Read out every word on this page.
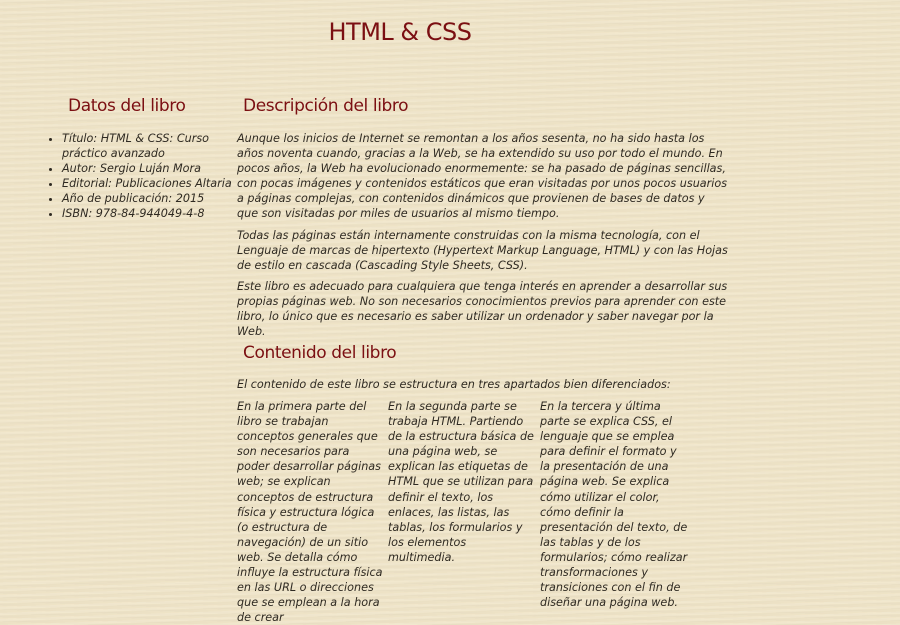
HTML & CSS
Datos del libro
• Título: HTML & CSS: Curso práctico avanzado
• Autor: Sergio Luján Mora
• Editorial: Publicaciones Altaria
• Año de publicación: 2015
• ISBN: 978-84-944049-4-8
Descripción del libro

Aunque los inicios de Internet se remontan a los años sesenta, no ha sido hasta los años noventa cuando, gracias a la Web, se ha extendido su uso por todo el mundo. En pocos años, la Web ha evolucionado enormemente: se ha pasado de páginas sencillas, con pocas imágenes y contenidos estáticos que eran visitadas por unos pocos usuarios a páginas complejas, con contenidos dinámicos que provienen de bases de datos y que son visitadas por miles de usuarios al mismo tiempo.

Todas las páginas están internamente construidas con la misma tecnología, con el Lenguaje de marcas de hipertexto (Hypertext Markup Language, HTML) y con las Hojas de estilo en cascada (Cascading Style Sheets, CSS).

Este libro es adecuado para cualquiera que tenga interés en aprender a desarrollar sus propias páginas web. No son necesarios conocimientos previos para aprender con este libro, lo único que es necesario es saber utilizar un ordenador y saber navegar por la Web.

Contenido del libro

El contenido de este libro se estructura en tres apartados bien diferenciados:

En la primera parte del libro se trabajan conceptos generales que son necesarios para poder desarrollar páginas web; se explican conceptos de estructura física y estructura lógica (o estructura de navegación) de un sitio web. Se detalla cómo influye la estructura física en las URL o direcciones que se emplean a la hora de crear

En la segunda parte se trabaja HTML. Partiendo de la estructura básica de una página web, se explican las etiquetas de HTML que se utilizan para definir el texto, los enlaces, las listas, las tablas, los formularios y los elementos multimedia.

En la tercera y última parte se explica CSS, el lenguaje que se emplea para definir el formato y la presentación de una página web. Se explica cómo utilizar el color, cómo definir la presentación del texto, de las tablas y de los formularios; cómo realizar transformaciones y transiciones con el fin de diseñar una página web.
